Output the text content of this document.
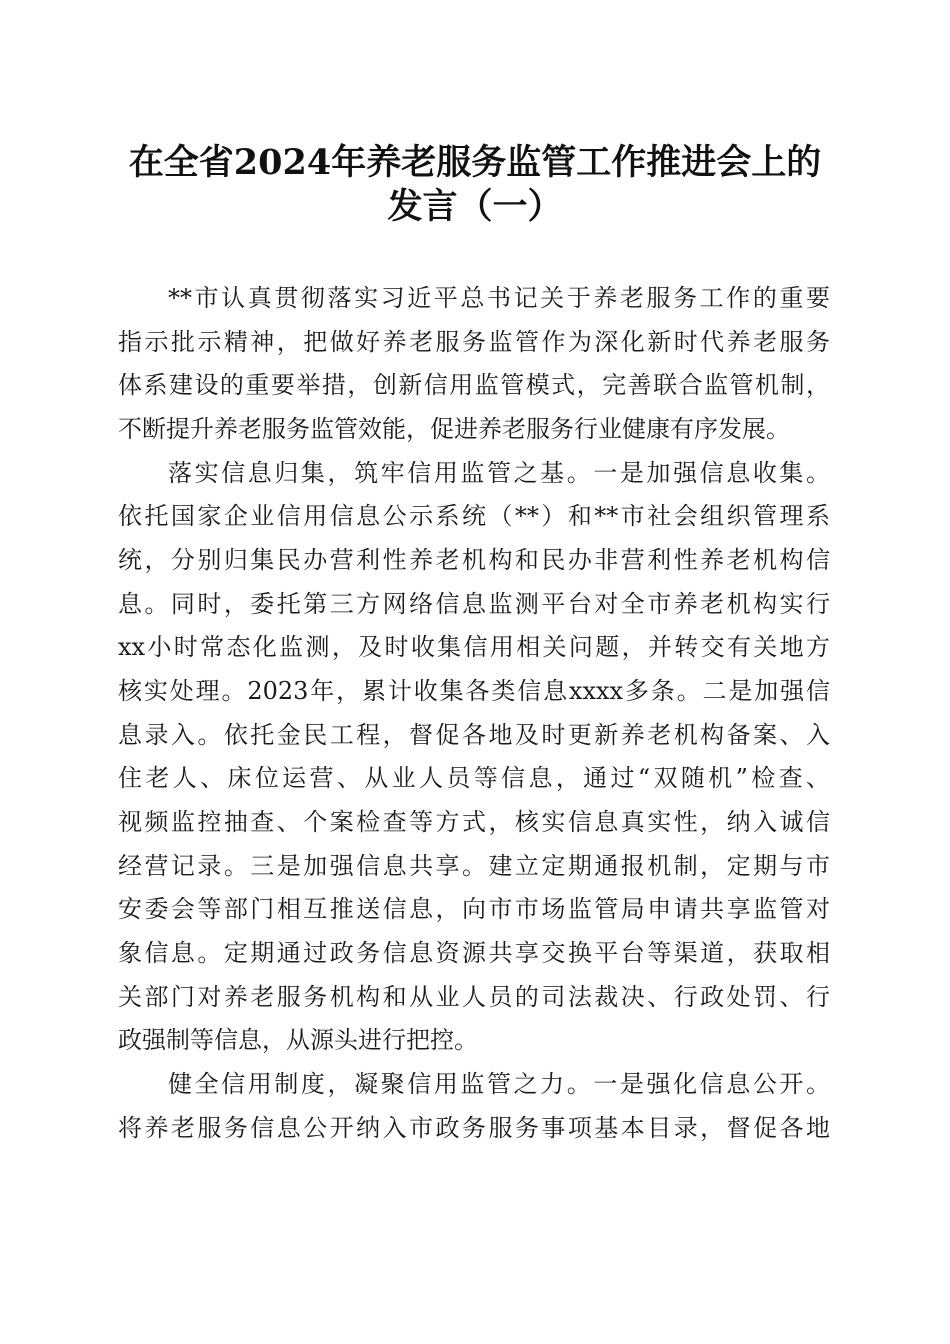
在全省2024年养老服务监管工作推进会上的
发言（一）
**市认真贯彻落实习近平总书记关于养老服务工作的重要
指示批示精神，把做好养老服务监管作为深化新时代养老服务
体系建设的重要举措，创新信用监管模式，完善联合监管机制，
不断提升养老服务监管效能，促进养老服务行业健康有序发展。
落实信息归集，筑牢信用监管之基。一是加强信息收集。
依托国家企业信用信息公示系统（**）和**市社会组织管理系
统，分别归集民办营利性养老机构和民办非营利性养老机构信
息。同时，委托第三方网络信息监测平台对全市养老机构实行
xx小时常态化监测，及时收集信用相关问题，并转交有关地方
核实处理。2023年，累计收集各类信息xxxx多条。二是加强信
息录入。依托金民工程，督促各地及时更新养老机构备案、入
住老人、床位运营、从业人员等信息，通过“双随机”检查、
视频监控抽查、个案检查等方式，核实信息真实性，纳入诚信
经营记录。三是加强信息共享。建立定期通报机制，定期与市
安委会等部门相互推送信息，向市市场监管局申请共享监管对
象信息。定期通过政务信息资源共享交换平台等渠道，获取相
关部门对养老服务机构和从业人员的司法裁决、行政处罚、行
政强制等信息，从源头进行把控。
健全信用制度，凝聚信用监管之力。一是强化信息公开。
将养老服务信息公开纳入市政务服务事项基本目录，督促各地
